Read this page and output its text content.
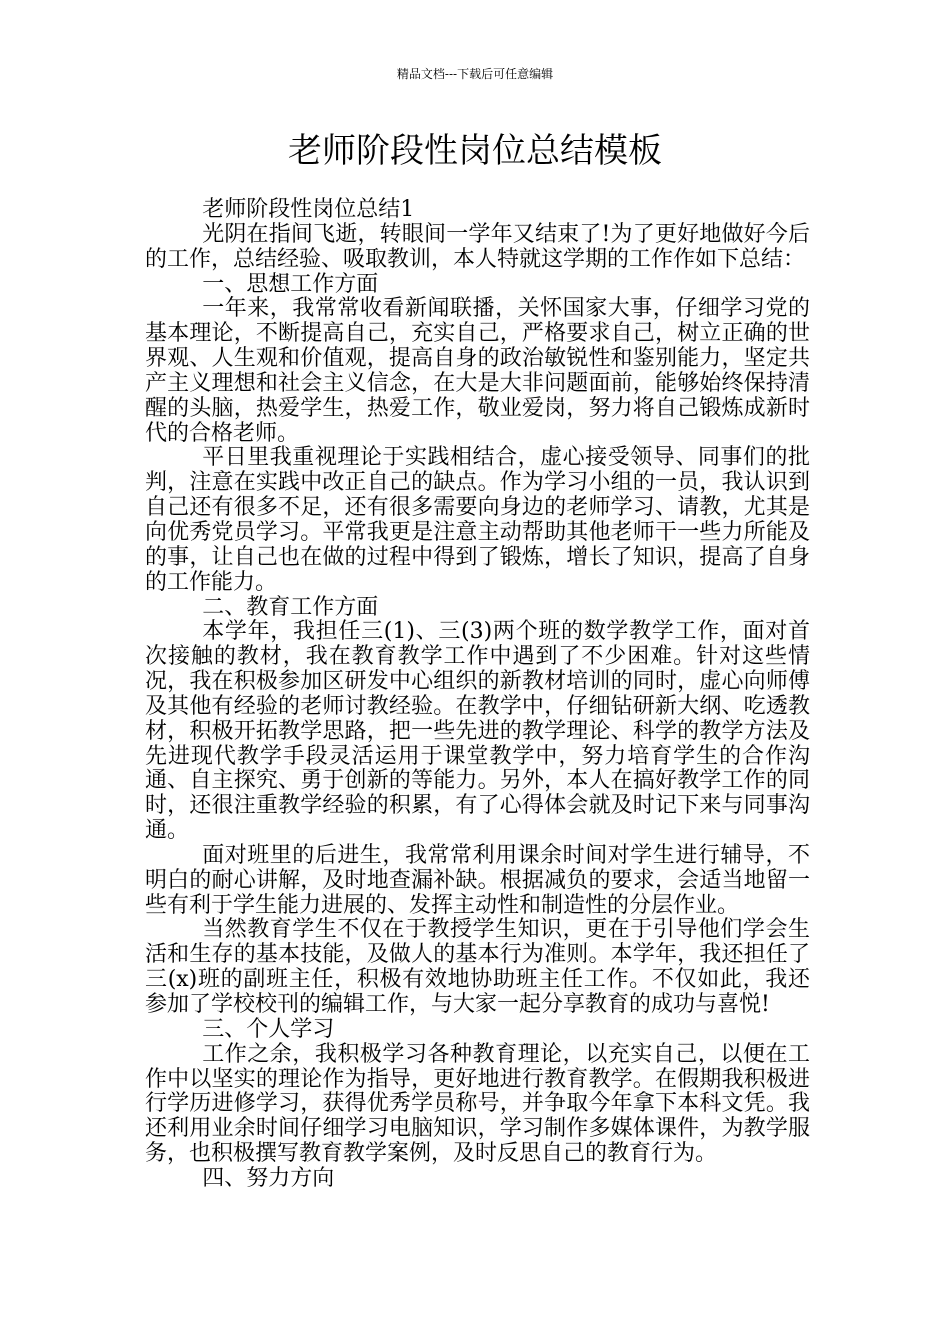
精品文档---下载后可任意编辑
老师阶段性岗位总结模板

老师阶段性岗位总结1

光阴在指间飞逝，转眼间一学年又结束了!为了更好地做好今后的工作，总结经验、吸取教训，本人特就这学期的工作作如下总结：

一、思想工作方面

一年来，我常常收看新闻联播，关怀国家大事，仔细学习党的基本理论，不断提高自己，充实自己，严格要求自己，树立正确的世界观、人生观和价值观，提高自身的政治敏锐性和鉴别能力，坚定共产主义理想和社会主义信念，在大是大非问题面前，能够始终保持清醒的头脑，热爱学生，热爱工作，敬业爱岗，努力将自己锻炼成新时代的合格老师。

平日里我重视理论于实践相结合，虚心接受领导、同事们的批判，注意在实践中改正自己的缺点。作为学习小组的一员，我认识到自己还有很多不足，还有很多需要向身边的老师学习、请教，尤其是向优秀党员学习。平常我更是注意主动帮助其他老师干一些力所能及的事，让自己也在做的过程中得到了锻炼，增长了知识，提高了自身的工作能力。

二、教育工作方面

本学年，我担任三(1)、三(3)两个班的数学教学工作，面对首次接触的教材，我在教育教学工作中遇到了不少困难。针对这些情况，我在积极参加区研发中心组织的新教材培训的同时，虚心向师傅及其他有经验的老师讨教经验。在教学中，仔细钻研新大纲、吃透教材，积极开拓教学思路，把一些先进的教学理论、科学的教学方法及先进现代教学手段灵活运用于课堂教学中，努力培育学生的合作沟通、自主探究、勇于创新的等能力。另外，本人在搞好教学工作的同时，还很注重教学经验的积累，有了心得体会就及时记下来与同事沟通。

面对班里的后进生，我常常利用课余时间对学生进行辅导，不明白的耐心讲解，及时地查漏补缺。根据减负的要求，会适当地留一些有利于学生能力进展的、发挥主动性和制造性的分层作业。

当然教育学生不仅在于教授学生知识，更在于引导他们学会生活和生存的基本技能，及做人的基本行为准则。本学年，我还担任了三(x)班的副班主任，积极有效地协助班主任工作。不仅如此，我还参加了学校校刊的编辑工作，与大家一起分享教育的成功与喜悦!

三、个人学习

工作之余，我积极学习各种教育理论，以充实自己，以便在工作中以坚实的理论作为指导，更好地进行教育教学。在假期我积极进行学历进修学习，获得优秀学员称号，并争取今年拿下本科文凭。我还利用业余时间仔细学习电脑知识，学习制作多媒体课件，为教学服务，也积极撰写教育教学案例，及时反思自己的教育行为。

四、努力方向
